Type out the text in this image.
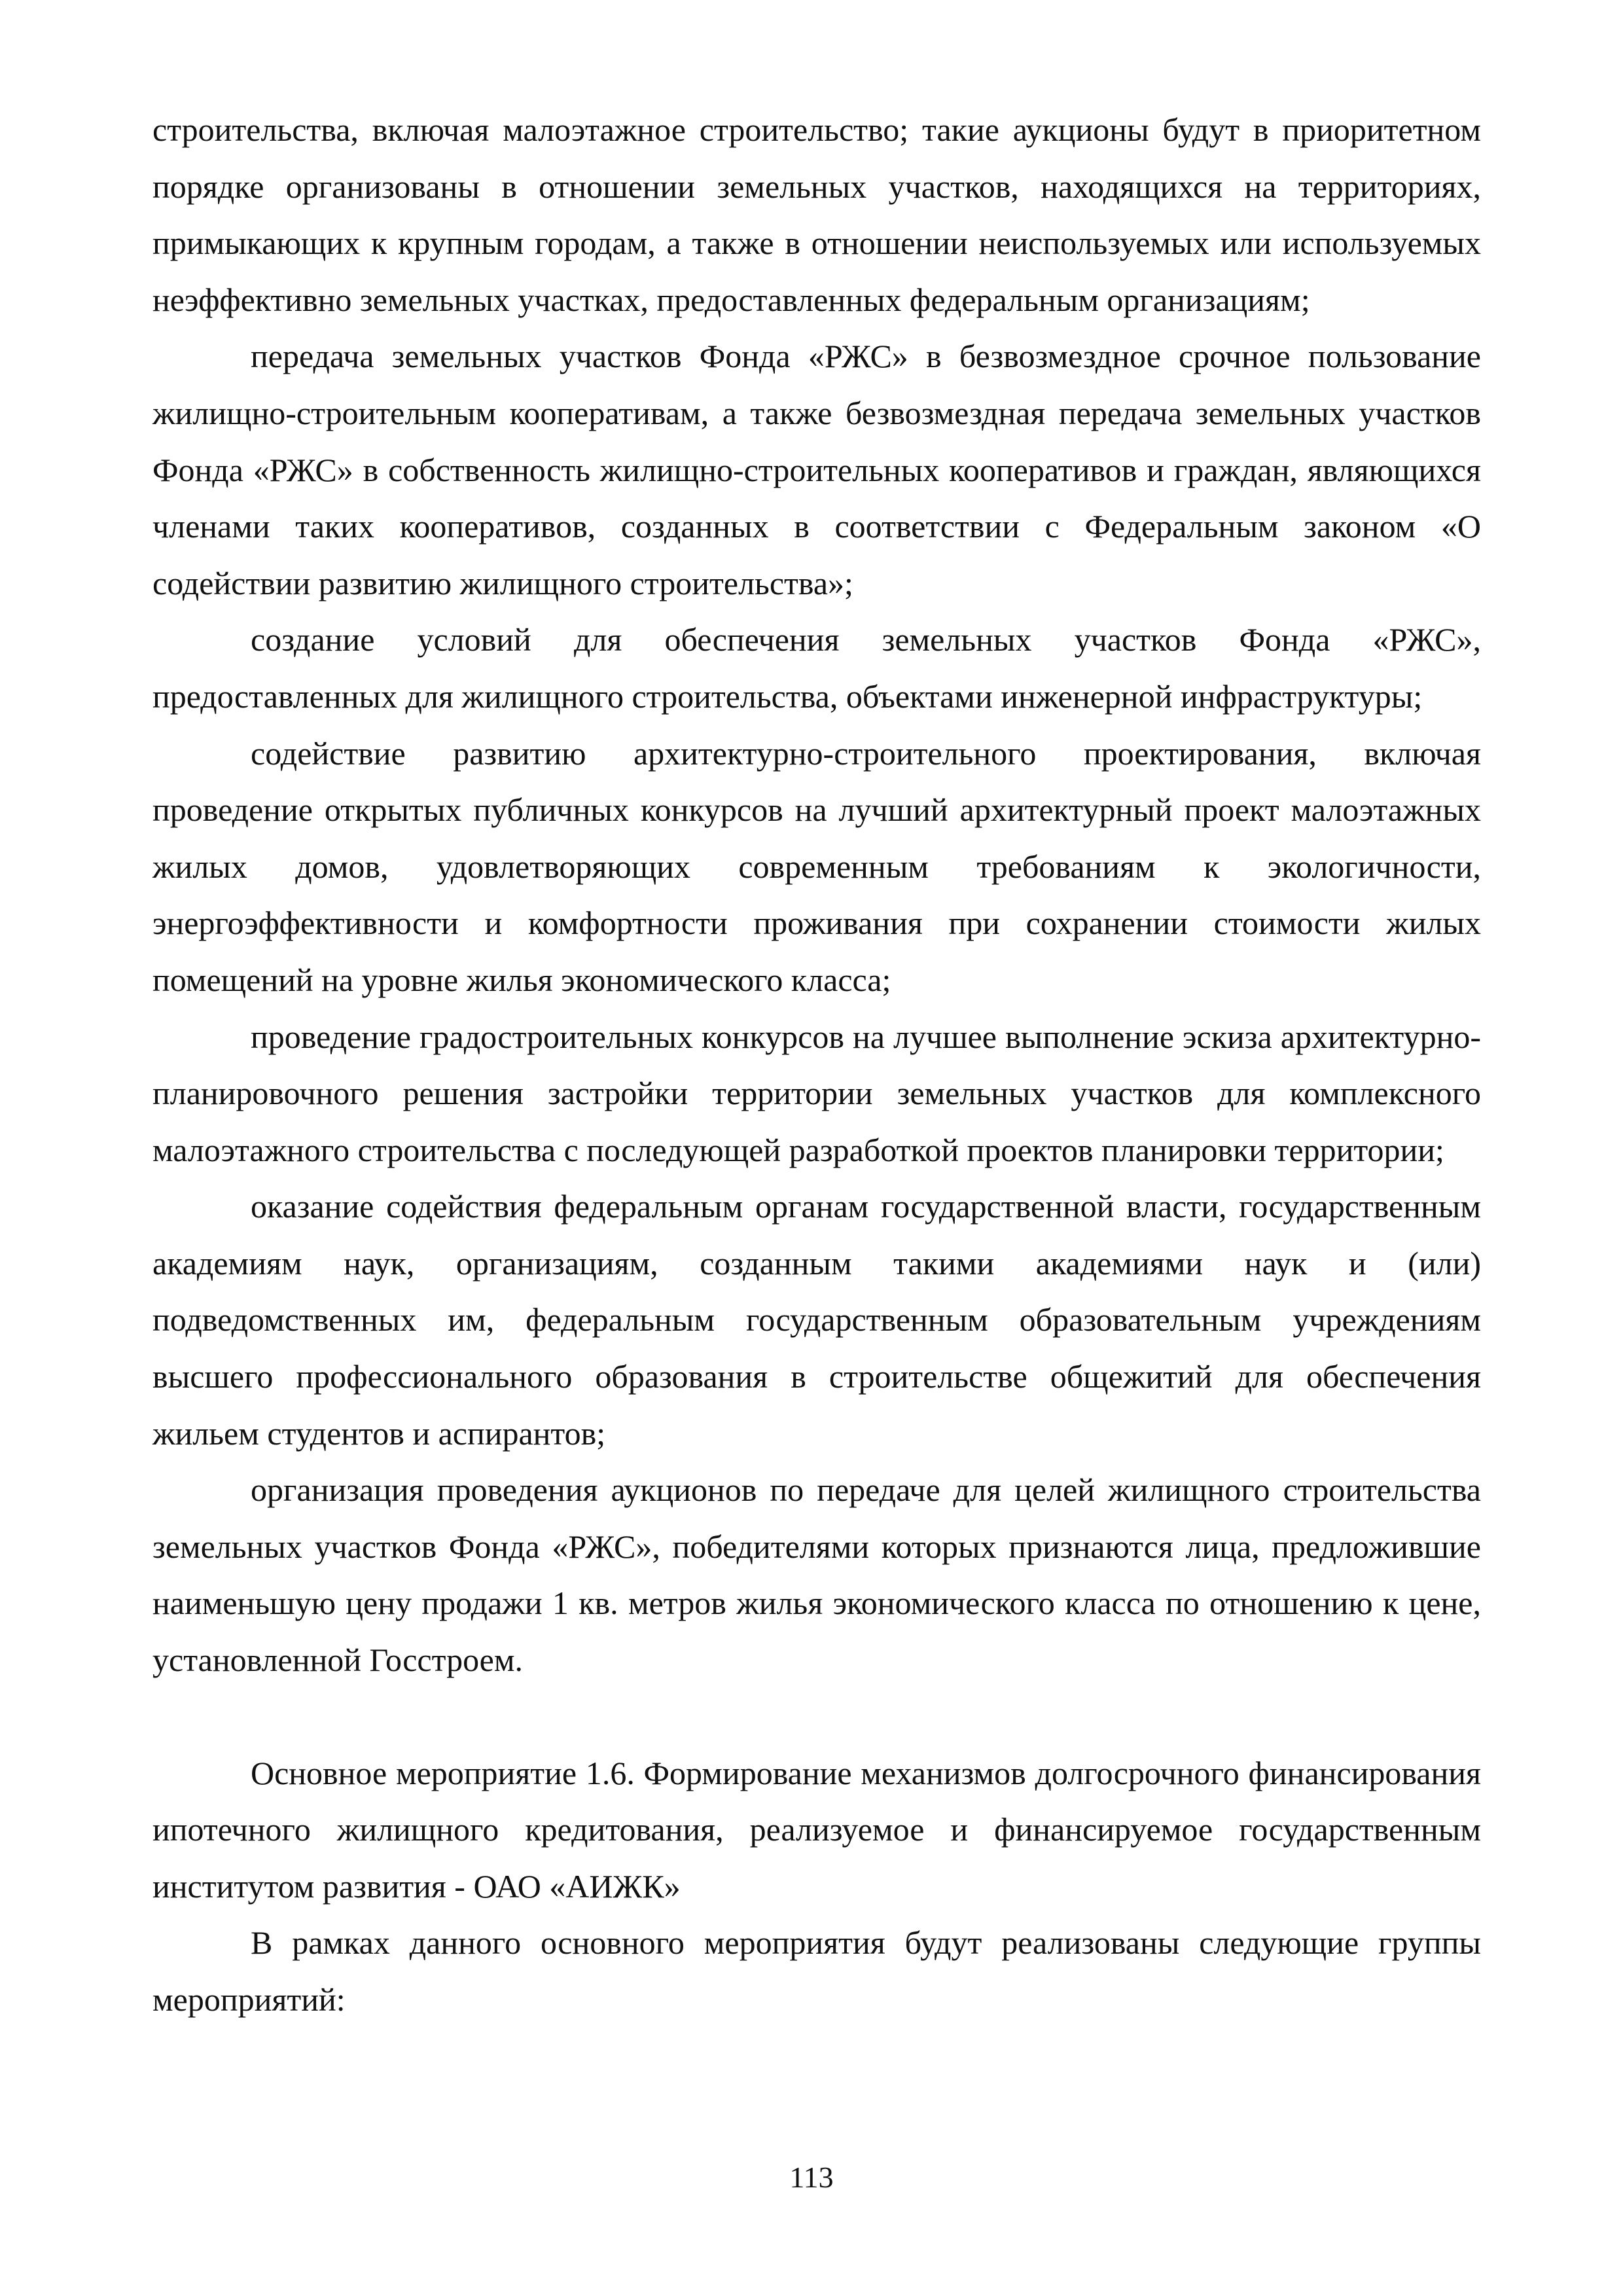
строительства, включая малоэтажное строительство; такие аукционы будут в приоритетном порядке организованы в отношении земельных участков, находящихся на территориях, примыкающих к крупным городам, а также в отношении неиспользуемых или используемых неэффективно земельных участках, предоставленных федеральным организациям;

передача земельных участков Фонда «РЖС» в безвозмездное срочное пользование жилищно-строительным кооперативам, а также безвозмездная передача земельных участков Фонда «РЖС» в собственность жилищно-строительных кооперативов и граждан, являющихся членами таких кооперативов, созданных в соответствии с Федеральным законом «О содействии развитию жилищного строительства»;

создание условий для обеспечения земельных участков Фонда «РЖС», предоставленных для жилищного строительства, объектами инженерной инфраструктуры;

содействие развитию архитектурно-строительного проектирования, включая проведение открытых публичных конкурсов на лучший архитектурный проект малоэтажных жилых домов, удовлетворяющих современным требованиям к экологичности, энергоэффективности и комфортности проживания при сохранении стоимости жилых помещений на уровне жилья экономического класса;

проведение градостроительных конкурсов на лучшее выполнение эскиза архитектурно-планировочного решения застройки территории земельных участков для комплексного малоэтажного строительства с последующей разработкой проектов планировки территории;

оказание содействия федеральным органам государственной власти, государственным академиям наук, организациям, созданным такими академиями наук и (или) подведомственных им, федеральным государственным образовательным учреждениям высшего профессионального образования в строительстве общежитий для обеспечения жильем студентов и аспирантов;

организация проведения аукционов по передаче для целей жилищного строительства земельных участков Фонда «РЖС», победителями которых признаются лица, предложившие наименьшую цену продажи 1 кв. метров жилья экономического класса по отношению к цене, установленной Госстроем.

Основное мероприятие 1.6. Формирование механизмов долгосрочного финансирования ипотечного жилищного кредитования, реализуемое и финансируемое государственным институтом развития - ОАО «АИЖК»

В рамках данного основного мероприятия будут реализованы следующие группы мероприятий:

113
